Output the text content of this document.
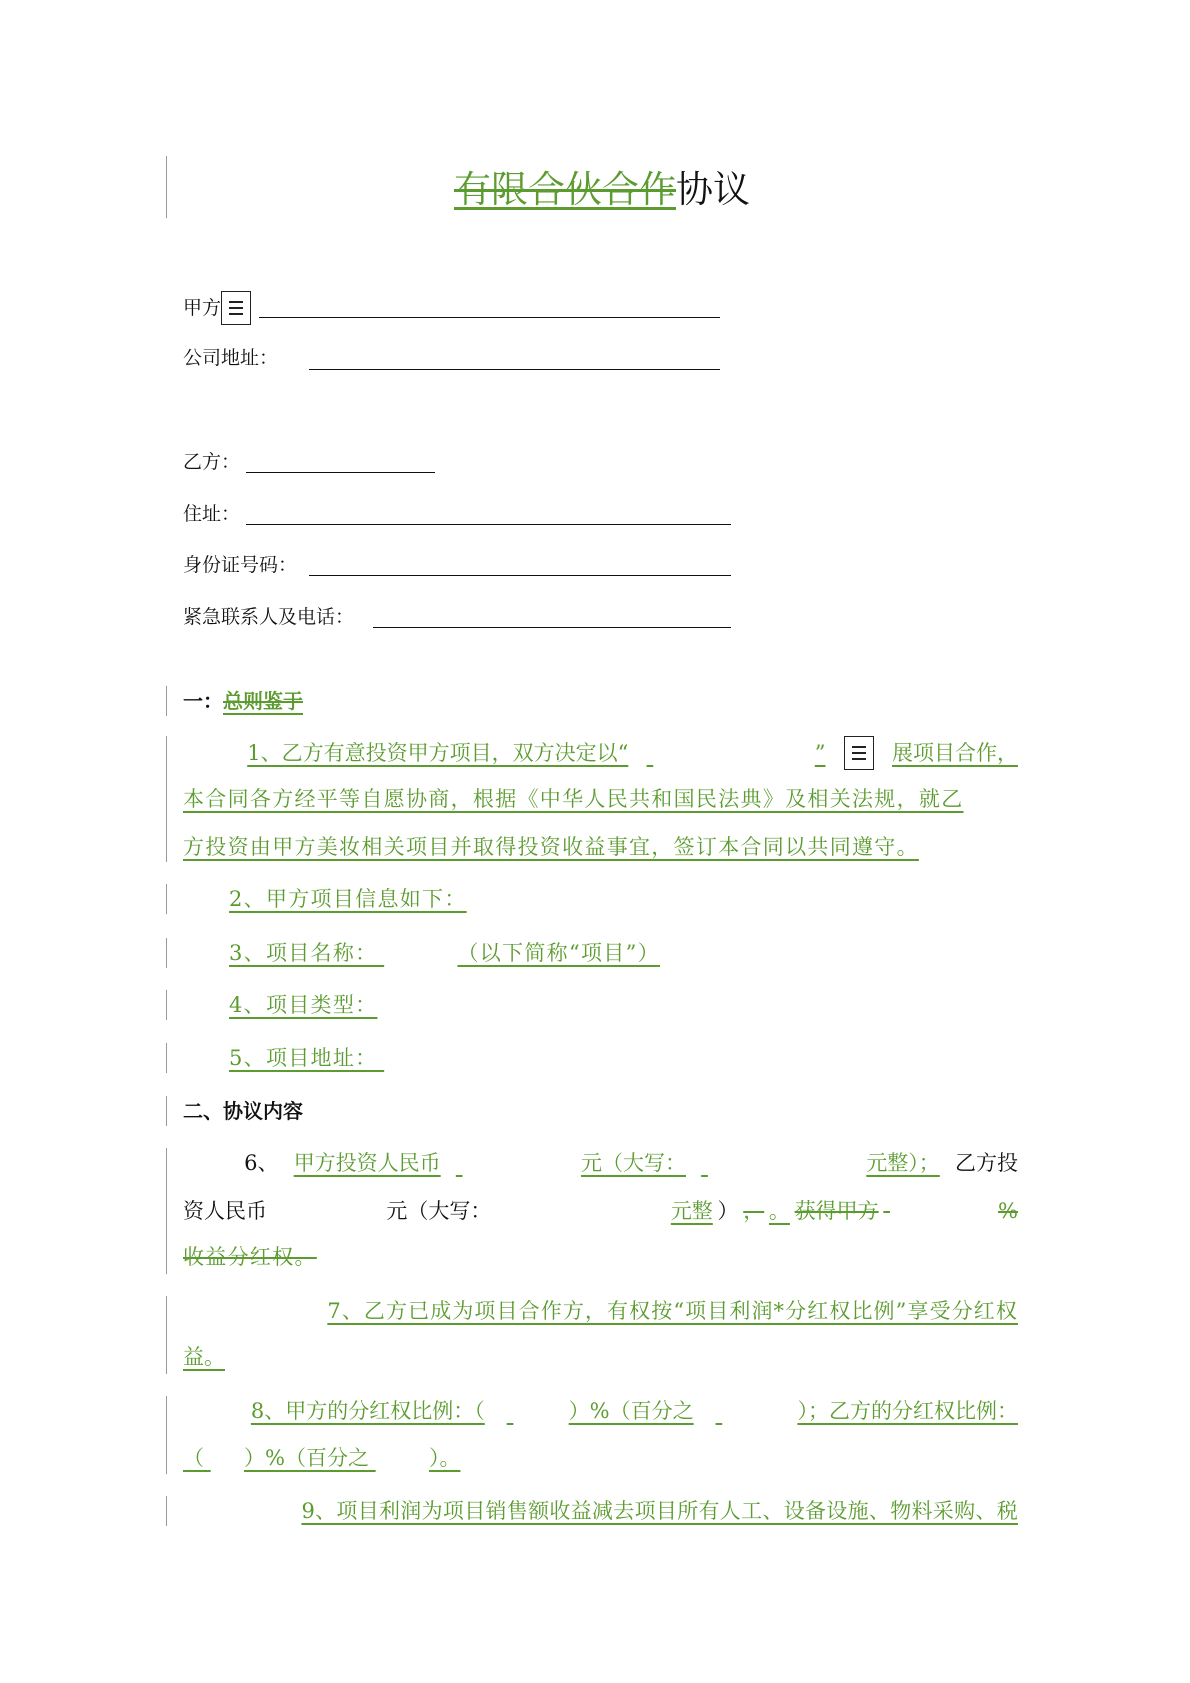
有限合伙合作协议
甲方
公司地址：
乙方：
住址：
身份证号码：
紧急联系人及电话：
一： 总则鉴于
1、乙方有意投资甲方项目，双方决定以“
	”	展项目合作，
本合同各方经平等自愿协商，根据《中华人民共和国民法典》及相关法规，就乙
方投资由甲方美妆相关项目并取得投资收益事宜，签订本合同以共同遵守。
2、甲方项目信息如下：
3、项目名称：
	（以下简称“项目”）
4、项目类型：
5、项目地址：

二、协议内容
6、 甲方投资人民币
	元（大写：
	元整）； 乙方投
资人民币	元（大写：	元整 ） ， 。 获得甲方
	%
收益分红权。
7、乙方已成为项目合作方，有权按“项目利润*分红权比例”享受分红权
益。
8、甲方的分红权比例：（
	）%（百分之
	）；乙方的分红权比例：
（
）%（百分之
	）。
9、项目利润为项目销售额收益减去项目所有人工、设备设施、物料采购、税
